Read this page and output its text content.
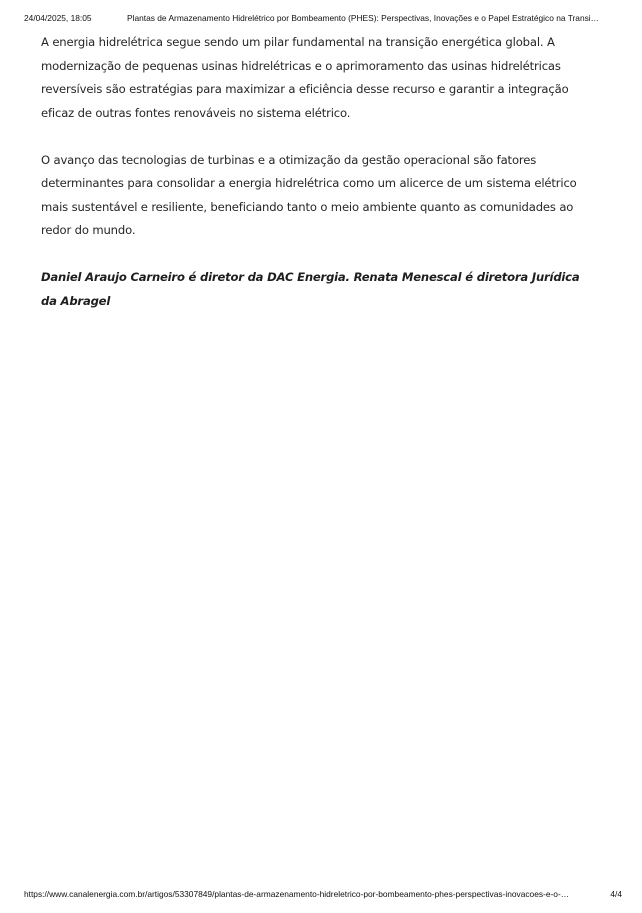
24/04/2025, 18:05	Plantas de Armazenamento Hidrelétrico por Bombeamento (PHES): Perspectivas, Inovações e o Papel Estratégico na Transi…

A energia hidrelétrica segue sendo um pilar fundamental na transição energética global. A modernização de pequenas usinas hidrelétricas e o aprimoramento das usinas hidrelétricas reversíveis são estratégias para maximizar a eficiência desse recurso e garantir a integração eficaz de outras fontes renováveis no sistema elétrico.

O avanço das tecnologias de turbinas e a otimização da gestão operacional são fatores determinantes para consolidar a energia hidrelétrica como um alicerce de um sistema elétrico mais sustentável e resiliente, beneficiando tanto o meio ambiente quanto as comunidades ao redor do mundo.

Daniel Araujo Carneiro é diretor da DAC Energia. Renata Menescal é diretora Jurídica da Abragel

https://www.canalenergia.com.br/artigos/53307849/plantas-de-armazenamento-hidreletrico-por-bombeamento-phes-perspectivas-inovacoes-e-o-…	4/4
